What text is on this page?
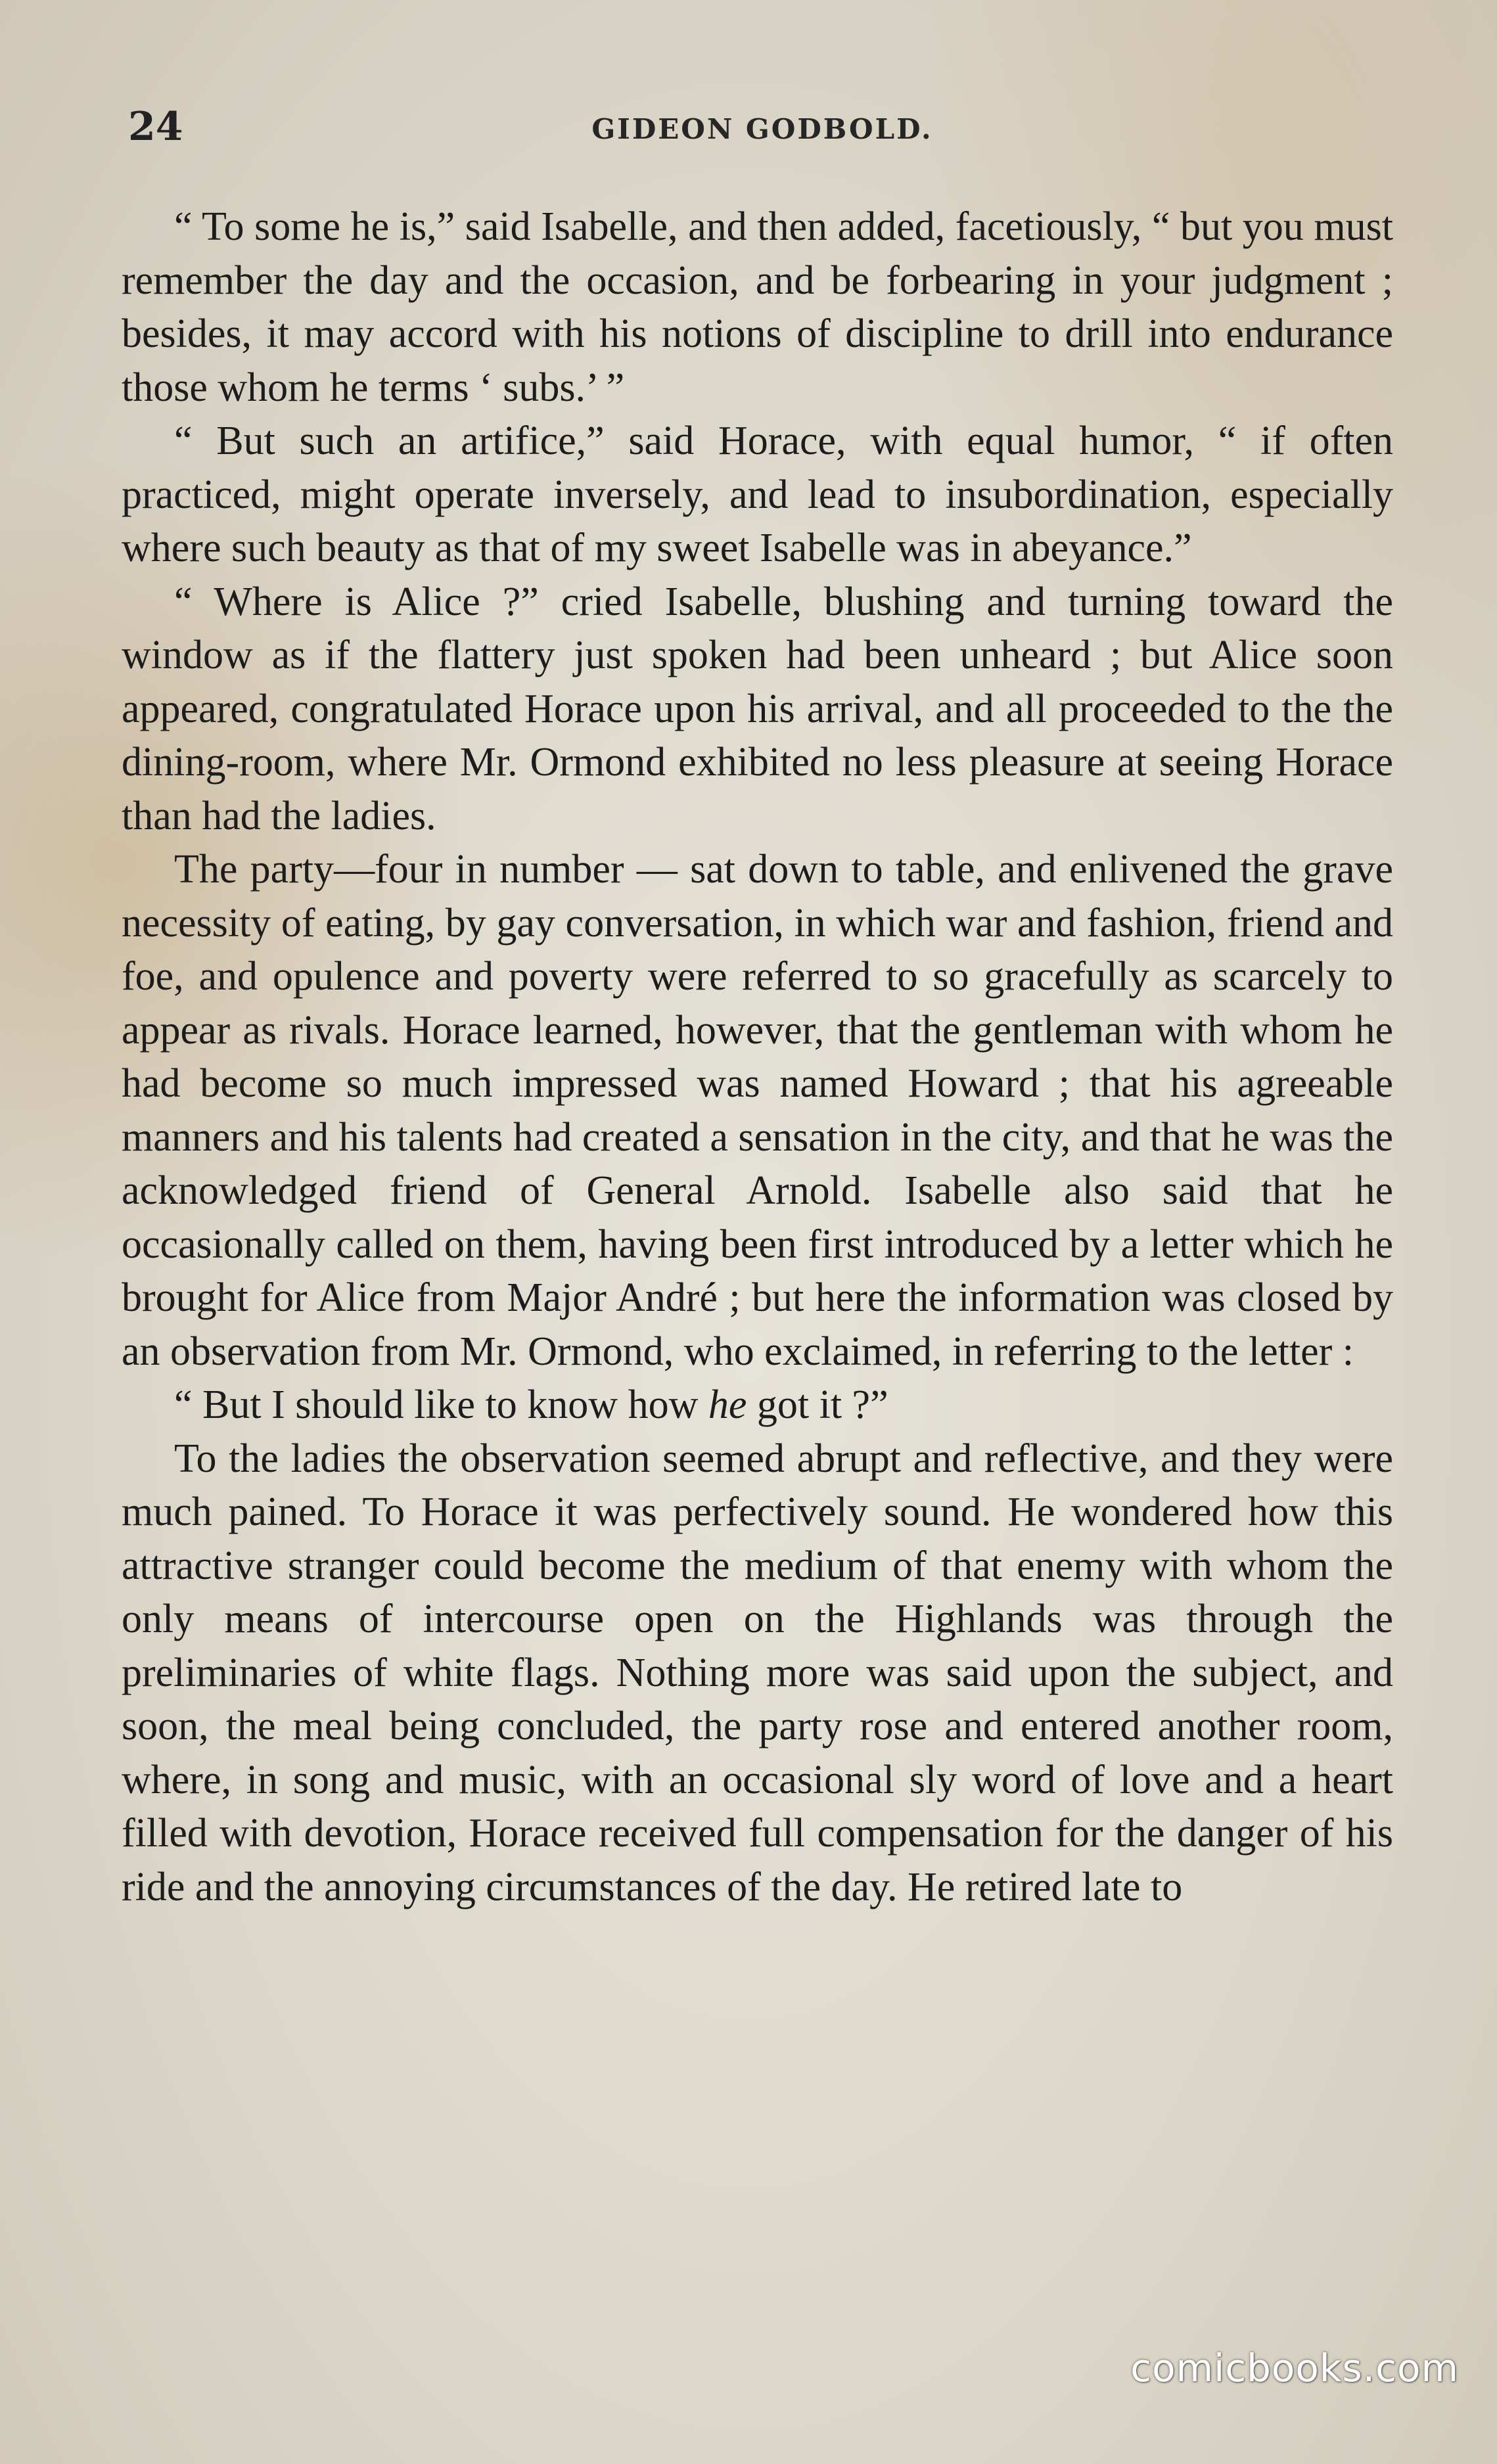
24	GIDEON GODBOLD.

“ To some he is,” said Isabelle, and then added, facetiously, “ but you must remember the day and the occasion, and be forbearing in your judgment ; besides, it may accord with his notions of discipline to drill into endurance those whom he terms ‘ subs.’ ”

“ But such an artifice,” said Horace, with equal humor, “ if often practiced, might operate inversely, and lead to insubordination, especially where such beauty as that of my sweet Isabelle was in abeyance.”

“ Where is Alice ?” cried Isabelle, blushing and turning toward the window as if the flattery just spoken had been unheard ; but Alice soon appeared, congratulated Horace upon his arrival, and all proceeded to the the dining-room, where Mr. Ormond exhibited no less pleasure at seeing Horace than had the ladies.

The party—four in number — sat down to table, and enlivened the grave necessity of eating, by gay conversation, in which war and fashion, friend and foe, and opulence and poverty were referred to so gracefully as scarcely to appear as rivals. Horace learned, however, that the gentleman with whom he had become so much impressed was named Howard ; that his agreeable manners and his talents had created a sensation in the city, and that he was the acknowledged friend of General Arnold. Isabelle also said that he occasionally called on them, having been first introduced by a letter which he brought for Alice from Major André ; but here the information was closed by an observation from Mr. Ormond, who exclaimed, in referring to the letter :

“ But I should like to know how he got it ?”

To the ladies the observation seemed abrupt and reflective, and they were much pained. To Horace it was perfectively sound. He wondered how this attractive stranger could become the medium of that enemy with whom the only means of intercourse open on the Highlands was through the preliminaries of white flags. Nothing more was said upon the subject, and soon, the meal being concluded, the party rose and entered another room, where, in song and music, with an occasional sly word of love and a heart filled with devotion, Horace received full compensation for the danger of his ride and the annoying circumstances of the day. He retired late to

comicbooks.com
